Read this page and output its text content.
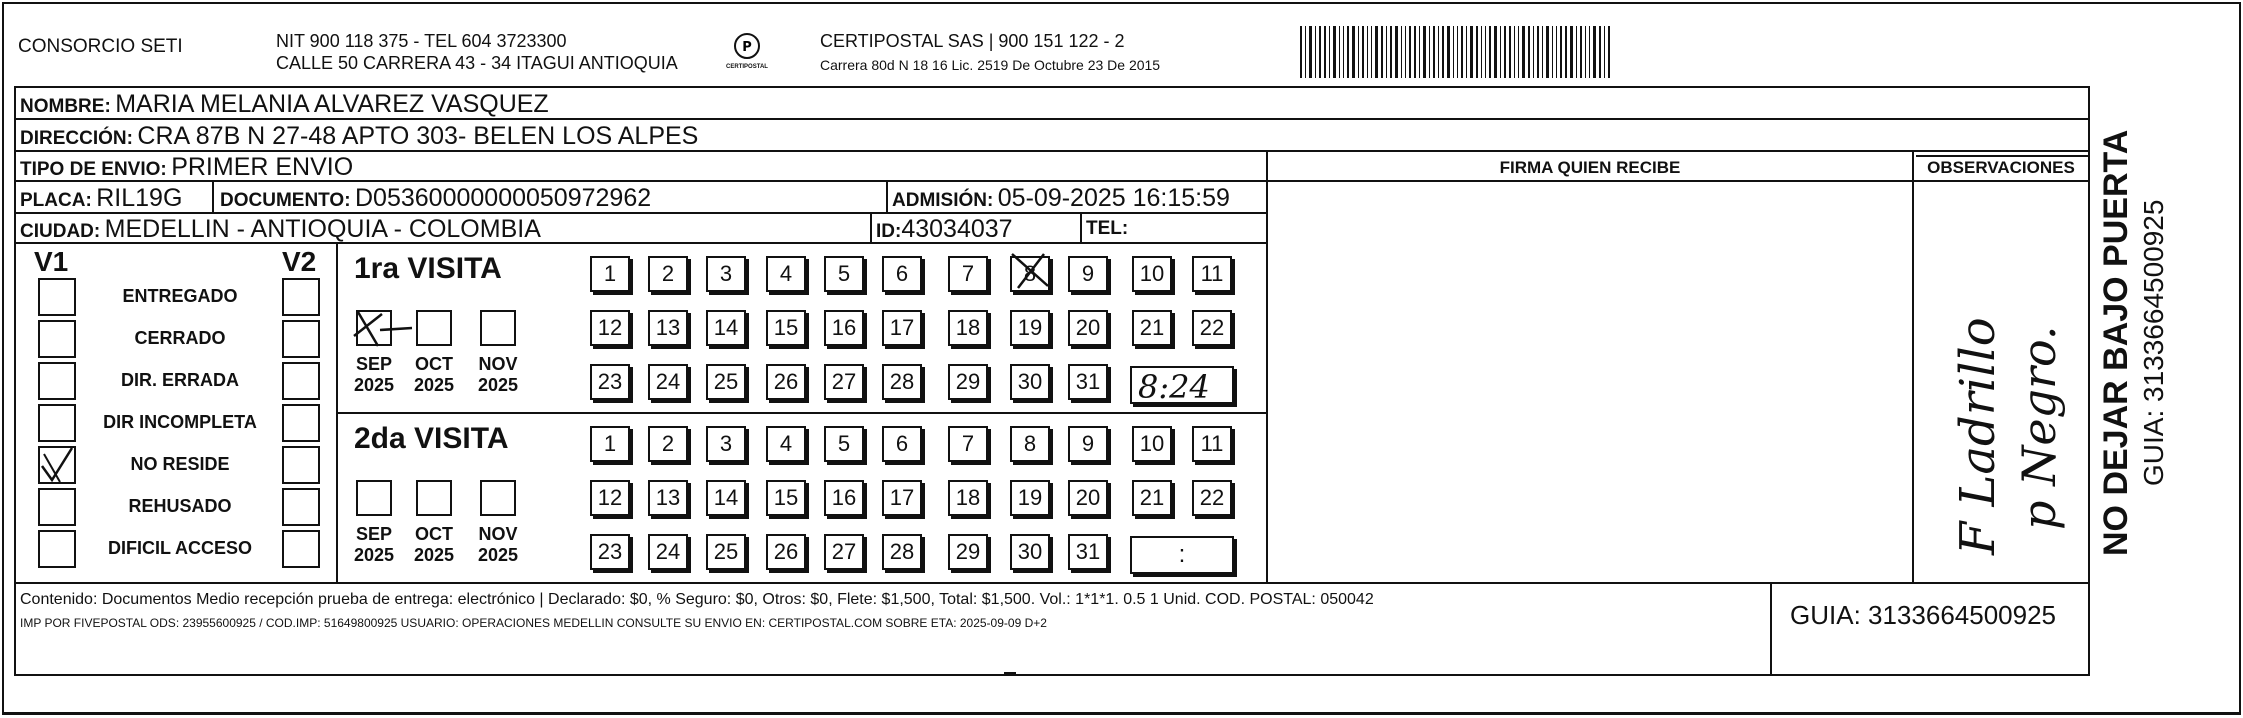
CONSORCIO SETI	NIT 900 118 375 - TEL 604 3723300
CALLE 50 CARRERA 43 - 34 ITAGUI ANTIOQUIA
P
CERTIPOSTAL
CERTIPOSTAL SAS | 900 151 122 - 2
Carrera 80d N 18 16 Lic. 2519 De Octubre 23 De 2015
NOMBRE: MARIA MELANIA ALVAREZ VASQUEZ
DIRECCIÓN: CRA 87B N 27-48 APTO 303- BELEN LOS ALPES
TIPO DE ENVIO: PRIMER ENVIO
PLACA: RIL19G DOCUMENTO: D05360000000050972962	ADMISIÓN: 05-09-2025 16:15:59
CIUDAD: MEDELLIN - ANTIOQUIA - COLOMBIA	ID:43034037	TEL:
FIRMA QUIEN RECIBE	OBSERVACIONES
V1	V2
ENTREGADO
CERRADO
DIR. ERRADA
DIR INCOMPLETA
NO RESIDE
REHUSADO
DIFICIL ACCESO
1ra VISITA
2da VISITA
SEP
2025
OCT
2025
NOV
2025
SEP
2025
OCT
2025
NOV
2025
1	2	3	4	5	6	7	8	9	10	11
12	13	14	15	16	17	18	19	20	21	22
23	24	25	26	27	28	29	30	31
1	2	3	4	5	6	7	8	9	10	11
12	13	14	15	16	17	18	19	20	21	22
23	24	25	26	27	28	29	30	31
8:24
:	F Ladrillo p Negro.
Contenido: Documentos Medio recepción prueba de entrega: electrónico | Declarado: $0, % Seguro: $0, Otros: $0, Flete: $1,500, Total: $1,500. Vol.: 1*1*1. 0.5 1 Unid. COD. POSTAL: 050042
IMP POR FIVEPOSTAL ODS: 23955600925 / COD.IMP: 51649800925 USUARIO: OPERACIONES MEDELLIN CONSULTE SU ENVIO EN: CERTIPOSTAL.COM SOBRE ETA: 2025-09-09 D+2	GUIA: 3133664500925
NO DEJAR BAJO PUERTA GUIA: 3133664500925
